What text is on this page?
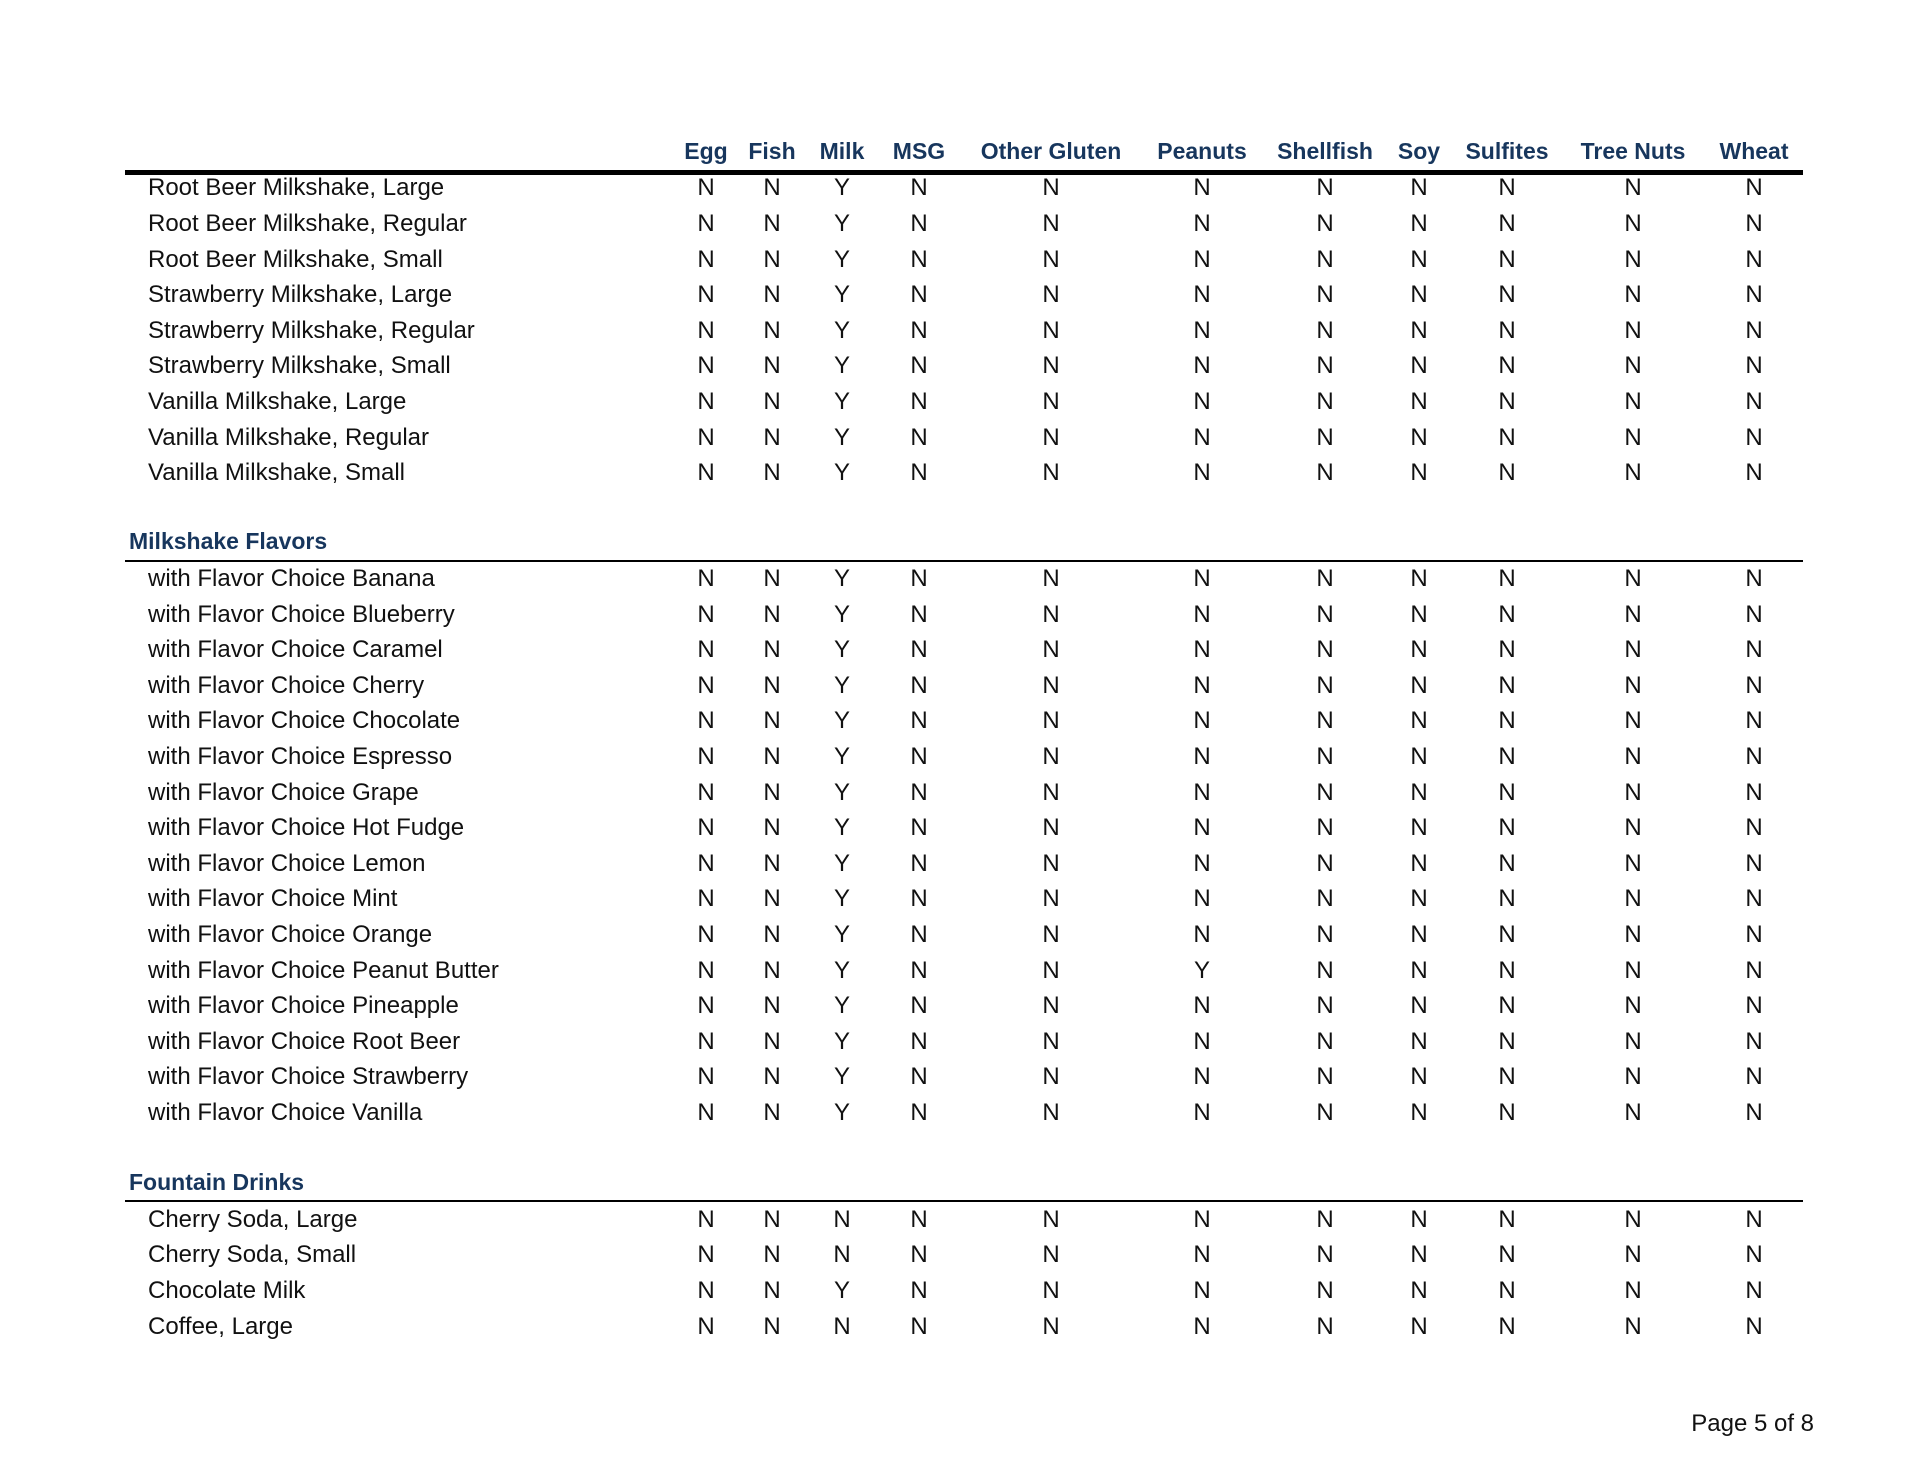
Egg Fish Milk MSG Other Gluten Peanuts Shellfish Soy Sulfites Tree Nuts Wheat
Root Beer Milkshake, Large	N N Y	N	N	N	N	N	N	N	N
Root Beer Milkshake, Regular	N N Y	N	N	N	N	N	N	N	N
Root Beer Milkshake, Small	N N Y	N	N	N	N	N	N	N	N
Strawberry Milkshake, Large	N N Y	N	N	N	N	N	N	N	N
Strawberry Milkshake, Regular	N N Y	N	N	N	N	N	N	N	N
Strawberry Milkshake, Small	N N Y	N	N	N	N	N	N	N	N
Vanilla Milkshake, Large	N N Y	N	N	N	N	N	N	N	N
Vanilla Milkshake, Regular	N N Y	N	N	N	N	N	N	N	N
Vanilla Milkshake, Small	N N Y	N	N	N	N	N	N	N	N
Milkshake Flavors
with Flavor Choice Banana	N N Y	N	N	N	N	N	N	N	N
with Flavor Choice Blueberry	N N Y	N	N	N	N	N	N	N	N
with Flavor Choice Caramel	N N Y	N	N	N	N	N	N	N	N
with Flavor Choice Cherry	N N Y	N	N	N	N	N	N	N	N
with Flavor Choice Chocolate	N N Y	N	N	N	N	N	N	N	N
with Flavor Choice Espresso	N N Y	N	N	N	N	N	N	N	N
with Flavor Choice Grape	N N Y	N	N	N	N	N	N	N	N
with Flavor Choice Hot Fudge	N N Y	N	N	N	N	N	N	N	N
with Flavor Choice Lemon	N N Y	N	N	N	N	N	N	N	N
with Flavor Choice Mint	N N Y	N	N	N	N	N	N	N	N
with Flavor Choice Orange	N N Y	N	N	N	N	N	N	N	N
with Flavor Choice Peanut Butter	N N Y	N	N	Y	N	N	N	N	N
with Flavor Choice Pineapple	N N Y	N	N	N	N	N	N	N	N
with Flavor Choice Root Beer	N N Y	N	N	N	N	N	N	N	N
with Flavor Choice Strawberry	N N Y	N	N	N	N	N	N	N	N
with Flavor Choice Vanilla	N N Y	N	N	N	N	N	N	N	N
Fountain Drinks
Cherry Soda, Large	N N N N	N	N	N	N	N	N	N
Cherry Soda, Small	N N N N	N	N	N	N	N	N	N
Chocolate Milk	N N Y	N	N	N	N	N	N	N	N
Coffee, Large	N N N N	N	N	N	N	N	N	N
Page 5 of 8
